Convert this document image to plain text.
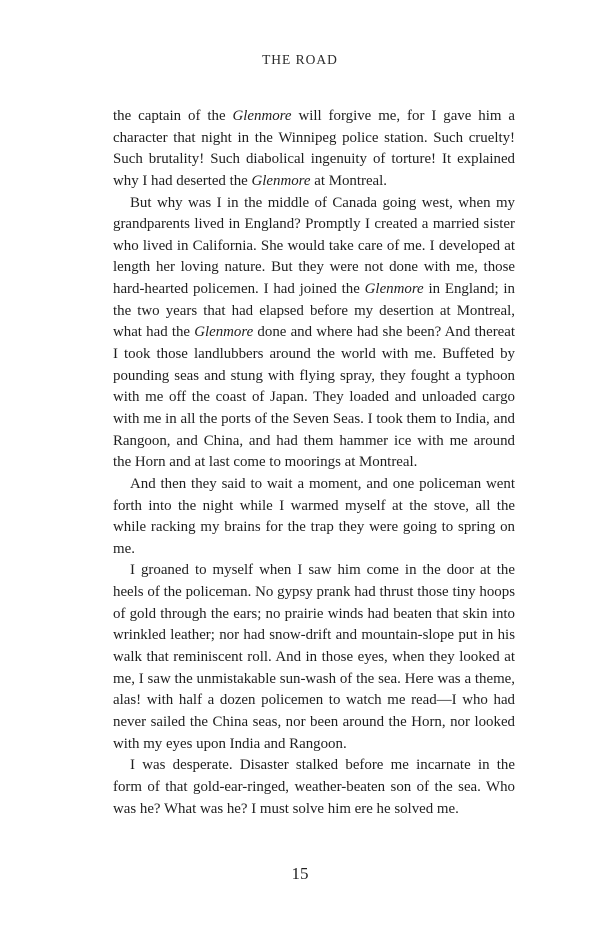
THE ROAD

the captain of the Glenmore will forgive me, for I gave him a character that night in the Winnipeg police station. Such cruelty! Such brutality! Such diabolical ingenuity of torture! It explained why I had deserted the Glenmore at Montreal.

But why was I in the middle of Canada going west, when my grandparents lived in England? Promptly I created a married sister who lived in California. She would take care of me. I developed at length her loving nature. But they were not done with me, those hard-hearted policemen. I had joined the Glenmore in England; in the two years that had elapsed before my desertion at Montreal, what had the Glenmore done and where had she been? And thereat I took those landlubbers around the world with me. Buffeted by pounding seas and stung with flying spray, they fought a typhoon with me off the coast of Japan. They loaded and unloaded cargo with me in all the ports of the Seven Seas. I took them to India, and Rangoon, and China, and had them hammer ice with me around the Horn and at last come to moorings at Montreal.

And then they said to wait a moment, and one policeman went forth into the night while I warmed myself at the stove, all the while racking my brains for the trap they were going to spring on me.

I groaned to myself when I saw him come in the door at the heels of the policeman. No gypsy prank had thrust those tiny hoops of gold through the ears; no prairie winds had beaten that skin into wrinkled leather; nor had snow-drift and mountain-slope put in his walk that reminiscent roll. And in those eyes, when they looked at me, I saw the unmistakable sun-wash of the sea. Here was a theme, alas! with half a dozen policemen to watch me read—I who had never sailed the China seas, nor been around the Horn, nor looked with my eyes upon India and Rangoon.

I was desperate. Disaster stalked before me incarnate in the form of that gold-ear-ringed, weather-beaten son of the sea. Who was he? What was he? I must solve him ere he solved me.

15
